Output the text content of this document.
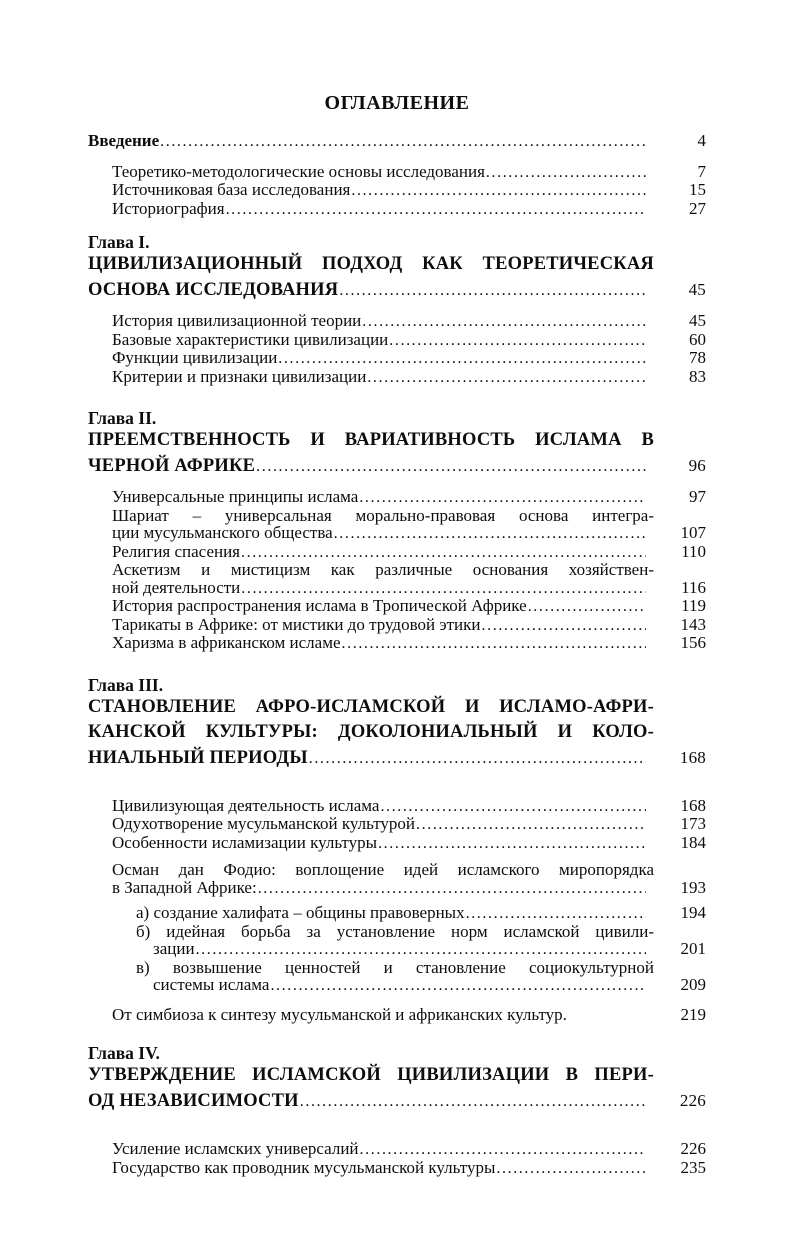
ОГЛАВЛЕНИЕ
Введение .....	4
Теоретико-методологические основы исследования .....	7
Источниковая база исследования .....	15
Историография .....	27
Глава I.
ЦИВИЛИЗАЦИОННЫЙ ПОДХОД КАК ТЕОРЕТИЧЕСКАЯ
ОСНОВА ИССЛЕДОВАНИЯ .....	45
История цивилизационной теории .....	45
Базовые характеристики цивилизации .....	60
Функции цивилизации .....	78
Критерии и признаки цивилизации .....	83
Глава II.
ПРЕЕМСТВЕННОСТЬ И ВАРИАТИВНОСТЬ ИСЛАМА В
ЧЕРНОЙ АФРИКЕ .....	96
Универсальные принципы ислама .....	97
Шариат – универсальная морально-правовая основа интегра-
ции мусульманского общества .....	107
Религия спасения .....	110
Аскетизм и мистицизм как различные основания хозяйствен-
ной деятельности .....	116
История распространения ислама в Тропической Африке .....	119
Тарикаты в Африке: от мистики до трудовой этики .....	143
Харизма в африканском исламе .....	156
Глава III.
СТАНОВЛЕНИЕ АФРО-ИСЛАМСКОЙ И ИСЛАМО-АФРИ-
КАНСКОЙ КУЛЬТУРЫ: ДОКОЛОНИАЛЬНЫЙ И КОЛО-
НИАЛЬНЫЙ ПЕРИОДЫ .....	168
Цивилизующая деятельность ислама .....	168
Одухотворение мусульманской культурой .....	173
Особенности исламизации культуры .....	184
Осман дан Фодио: воплощение идей исламского миропорядка
в Западной Африке: .....	193
а) создание халифата – общины правоверных .....	194
б) идейная борьба за установление норм исламской цивили-
зации .....	201
в) возвышение ценностей и становление социокультурной
системы ислама .....	209
От симбиоза к синтезу мусульманской и африканских культур.	219
Глава IV.
УТВЕРЖДЕНИЕ ИСЛАМСКОЙ ЦИВИЛИЗАЦИИ В ПЕРИ-
ОД НЕЗАВИСИМОСТИ .....	226
Усиление исламских универсалий .....	226
Государство как проводник мусульманской культуры .....	235
